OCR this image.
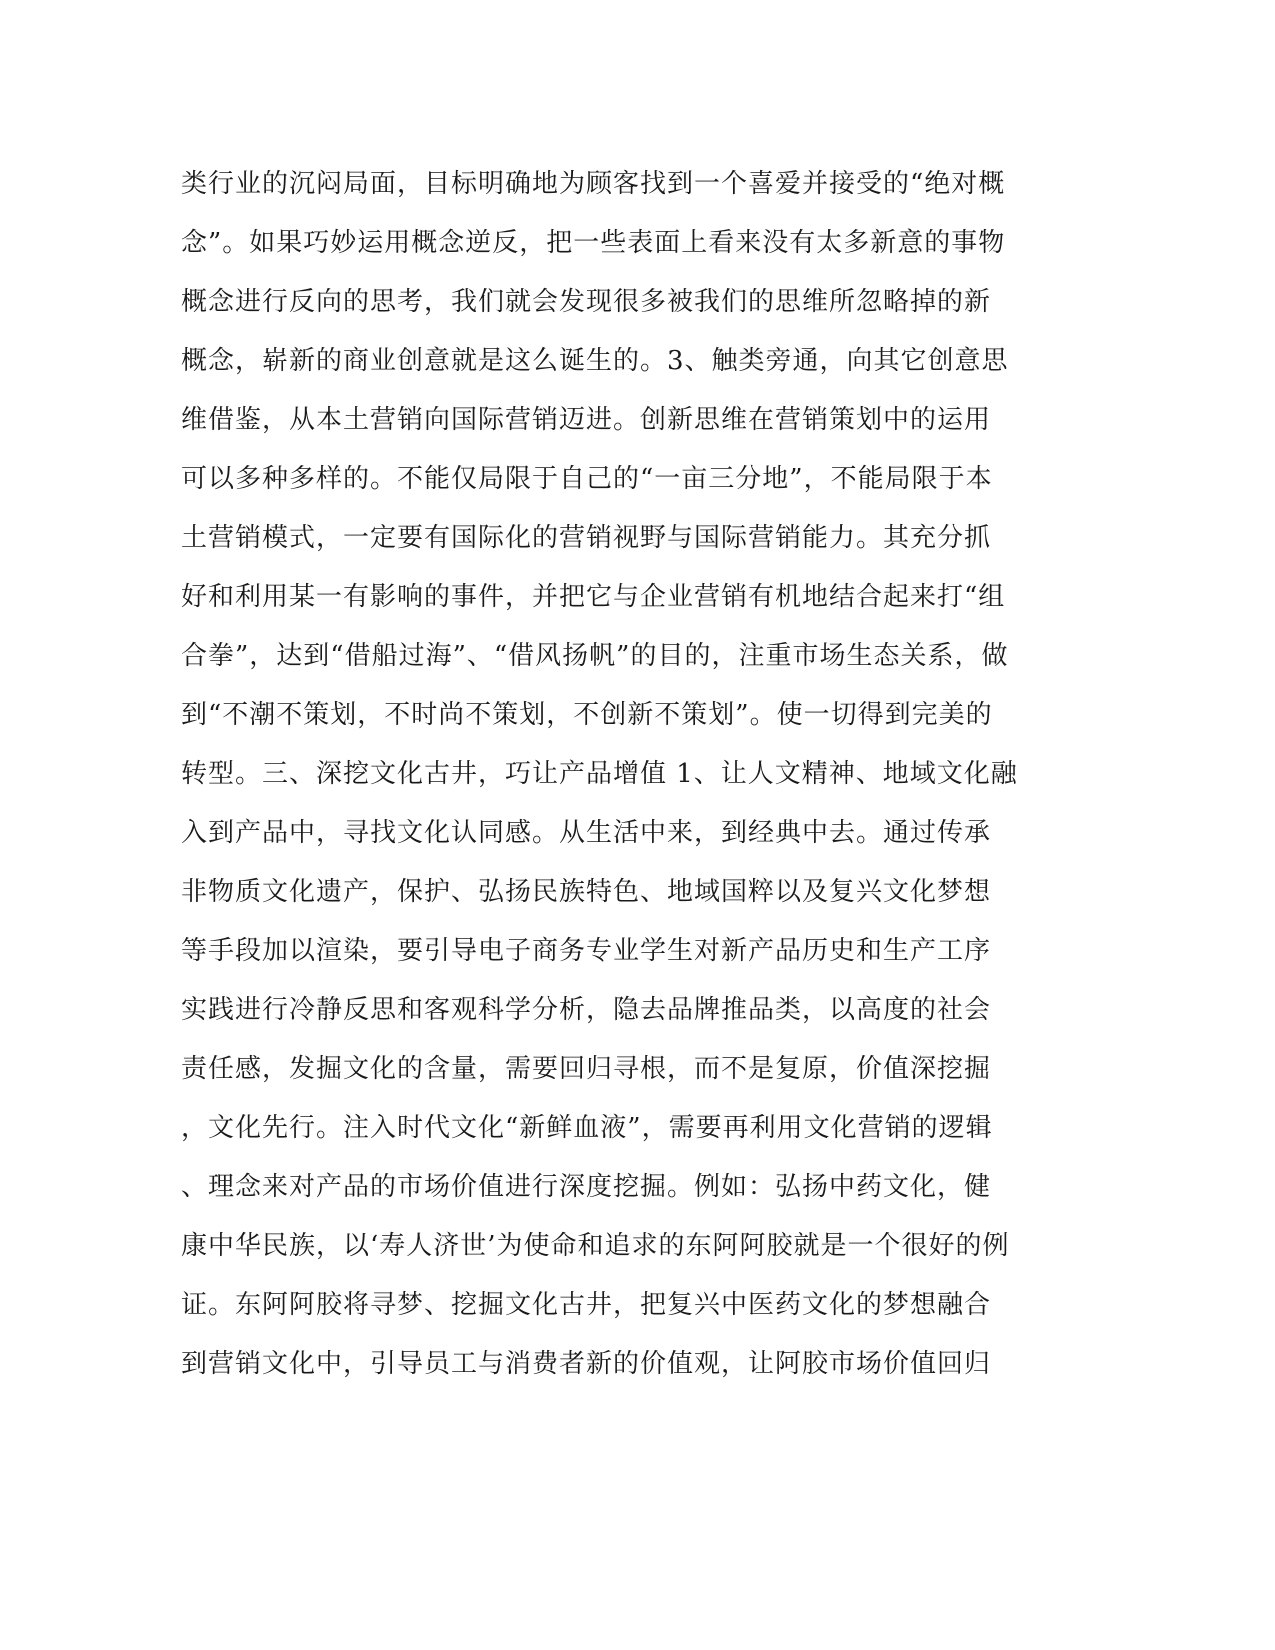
类行业的沉闷局面，目标明确地为顾客找到一个喜爱并接受的“绝对概
念”。如果巧妙运用概念逆反，把一些表面上看来没有太多新意的事物
概念进行反向的思考，我们就会发现很多被我们的思维所忽略掉的新
概念，崭新的商业创意就是这么诞生的。3、触类旁通，向其它创意思
维借鉴，从本土营销向国际营销迈进。创新思维在营销策划中的运用
可以多种多样的。不能仅局限于自己的“一亩三分地”，不能局限于本
土营销模式，一定要有国际化的营销视野与国际营销能力。其充分抓
好和利用某一有影响的事件，并把它与企业营销有机地结合起来打“组
合拳”，达到“借船过海”、“借风扬帆”的目的，注重市场生态关系，做
到“不潮不策划，不时尚不策划，不创新不策划”。使一切得到完美的
转型。三、深挖文化古井，巧让产品增值 1、让人文精神、地域文化融
入到产品中，寻找文化认同感。从生活中来，到经典中去。通过传承
非物质文化遗产，保护、弘扬民族特色、地域国粹以及复兴文化梦想
等手段加以渲染，要引导电子商务专业学生对新产品历史和生产工序
实践进行冷静反思和客观科学分析，隐去品牌推品类，以高度的社会
责任感，发掘文化的含量，需要回归寻根，而不是复原，价值深挖掘
，文化先行。注入时代文化“新鲜血液”，需要再利用文化营销的逻辑
、理念来对产品的市场价值进行深度挖掘。例如：弘扬中药文化，健
康中华民族，以‘寿人济世’为使命和追求的东阿阿胶就是一个很好的例
证。东阿阿胶将寻梦、挖掘文化古井，把复兴中医药文化的梦想融合
到营销文化中，引导员工与消费者新的价值观，让阿胶市场价值回归
